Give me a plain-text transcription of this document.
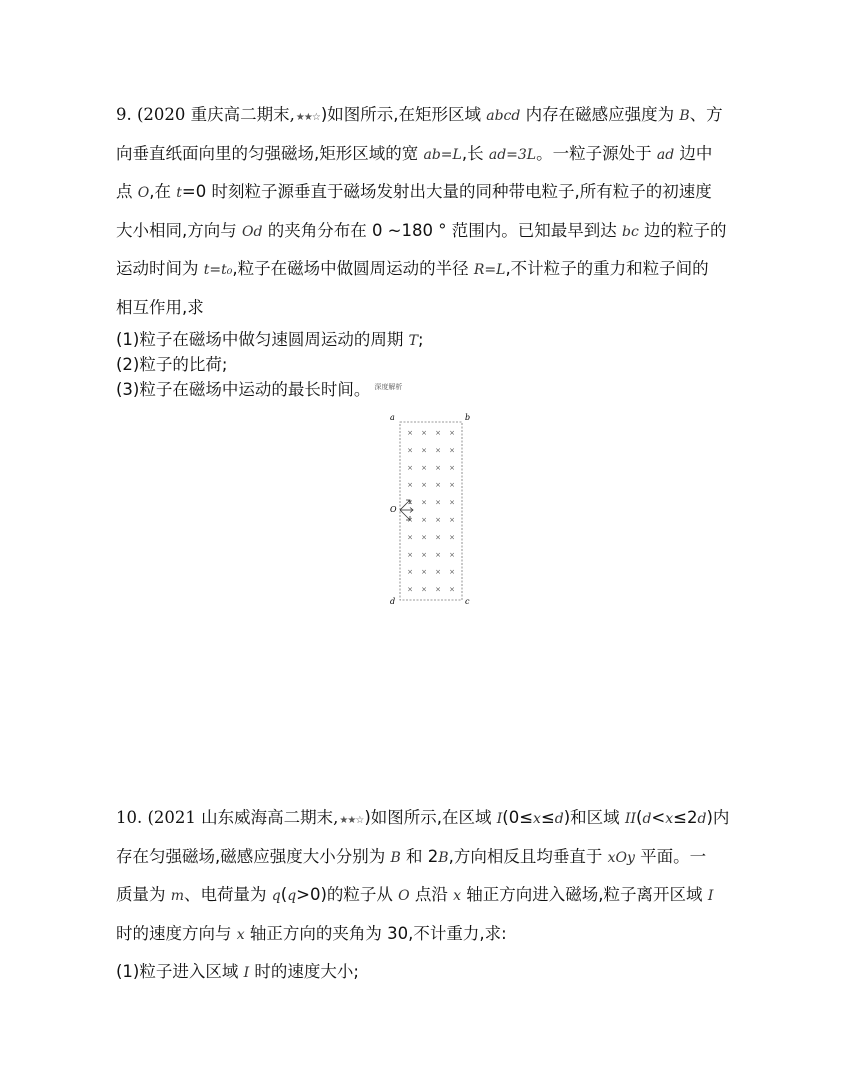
9. (2020 重庆高二期末,★★☆)如图所示,在矩形区域 abcd 内存在磁感应强度为 B、方
向垂直纸面向里的匀强磁场,矩形区域的宽 ab=L,长 ad=3L。一粒子源处于 ad 边中
点 O,在 t=0 时刻粒子源垂直于磁场发射出大量的同种带电粒子,所有粒子的初速度
大小相同,方向与 Od 的夹角分布在 0 ~180 ° 范围内。已知最早到达 bc 边的粒子的
运动时间为 t=t₀,粒子在磁场中做圆周运动的半径 R=L,不计粒子的重力和粒子间的
相互作用,求
(1)粒子在磁场中做匀速圆周运动的周期 T;
(2)粒子的比荷;
(3)粒子在磁场中运动的最长时间。 $^{深度解析}$
× × × ×
× × × ×
× × × ×
× × × ×
× × × ×
× × × ×
× × × ×
× × × ×
× × × ×
× × × ×
a	b
d	c
O
10. (2021 山东威海高二期末,★★☆)如图所示,在区域 I(0≤x≤d)和区域 II(d<x≤2d)内
存在匀强磁场,磁感应强度大小分别为 B 和 2B,方向相反且均垂直于 xOy 平面。一
质量为 m、电荷量为 q(q>0)的粒子从 O 点沿 x 轴正方向进入磁场,粒子离开区域 I
时的速度方向与 x 轴正方向的夹角为 30,不计重力,求:
(1)粒子进入区域 I 时的速度大小;
